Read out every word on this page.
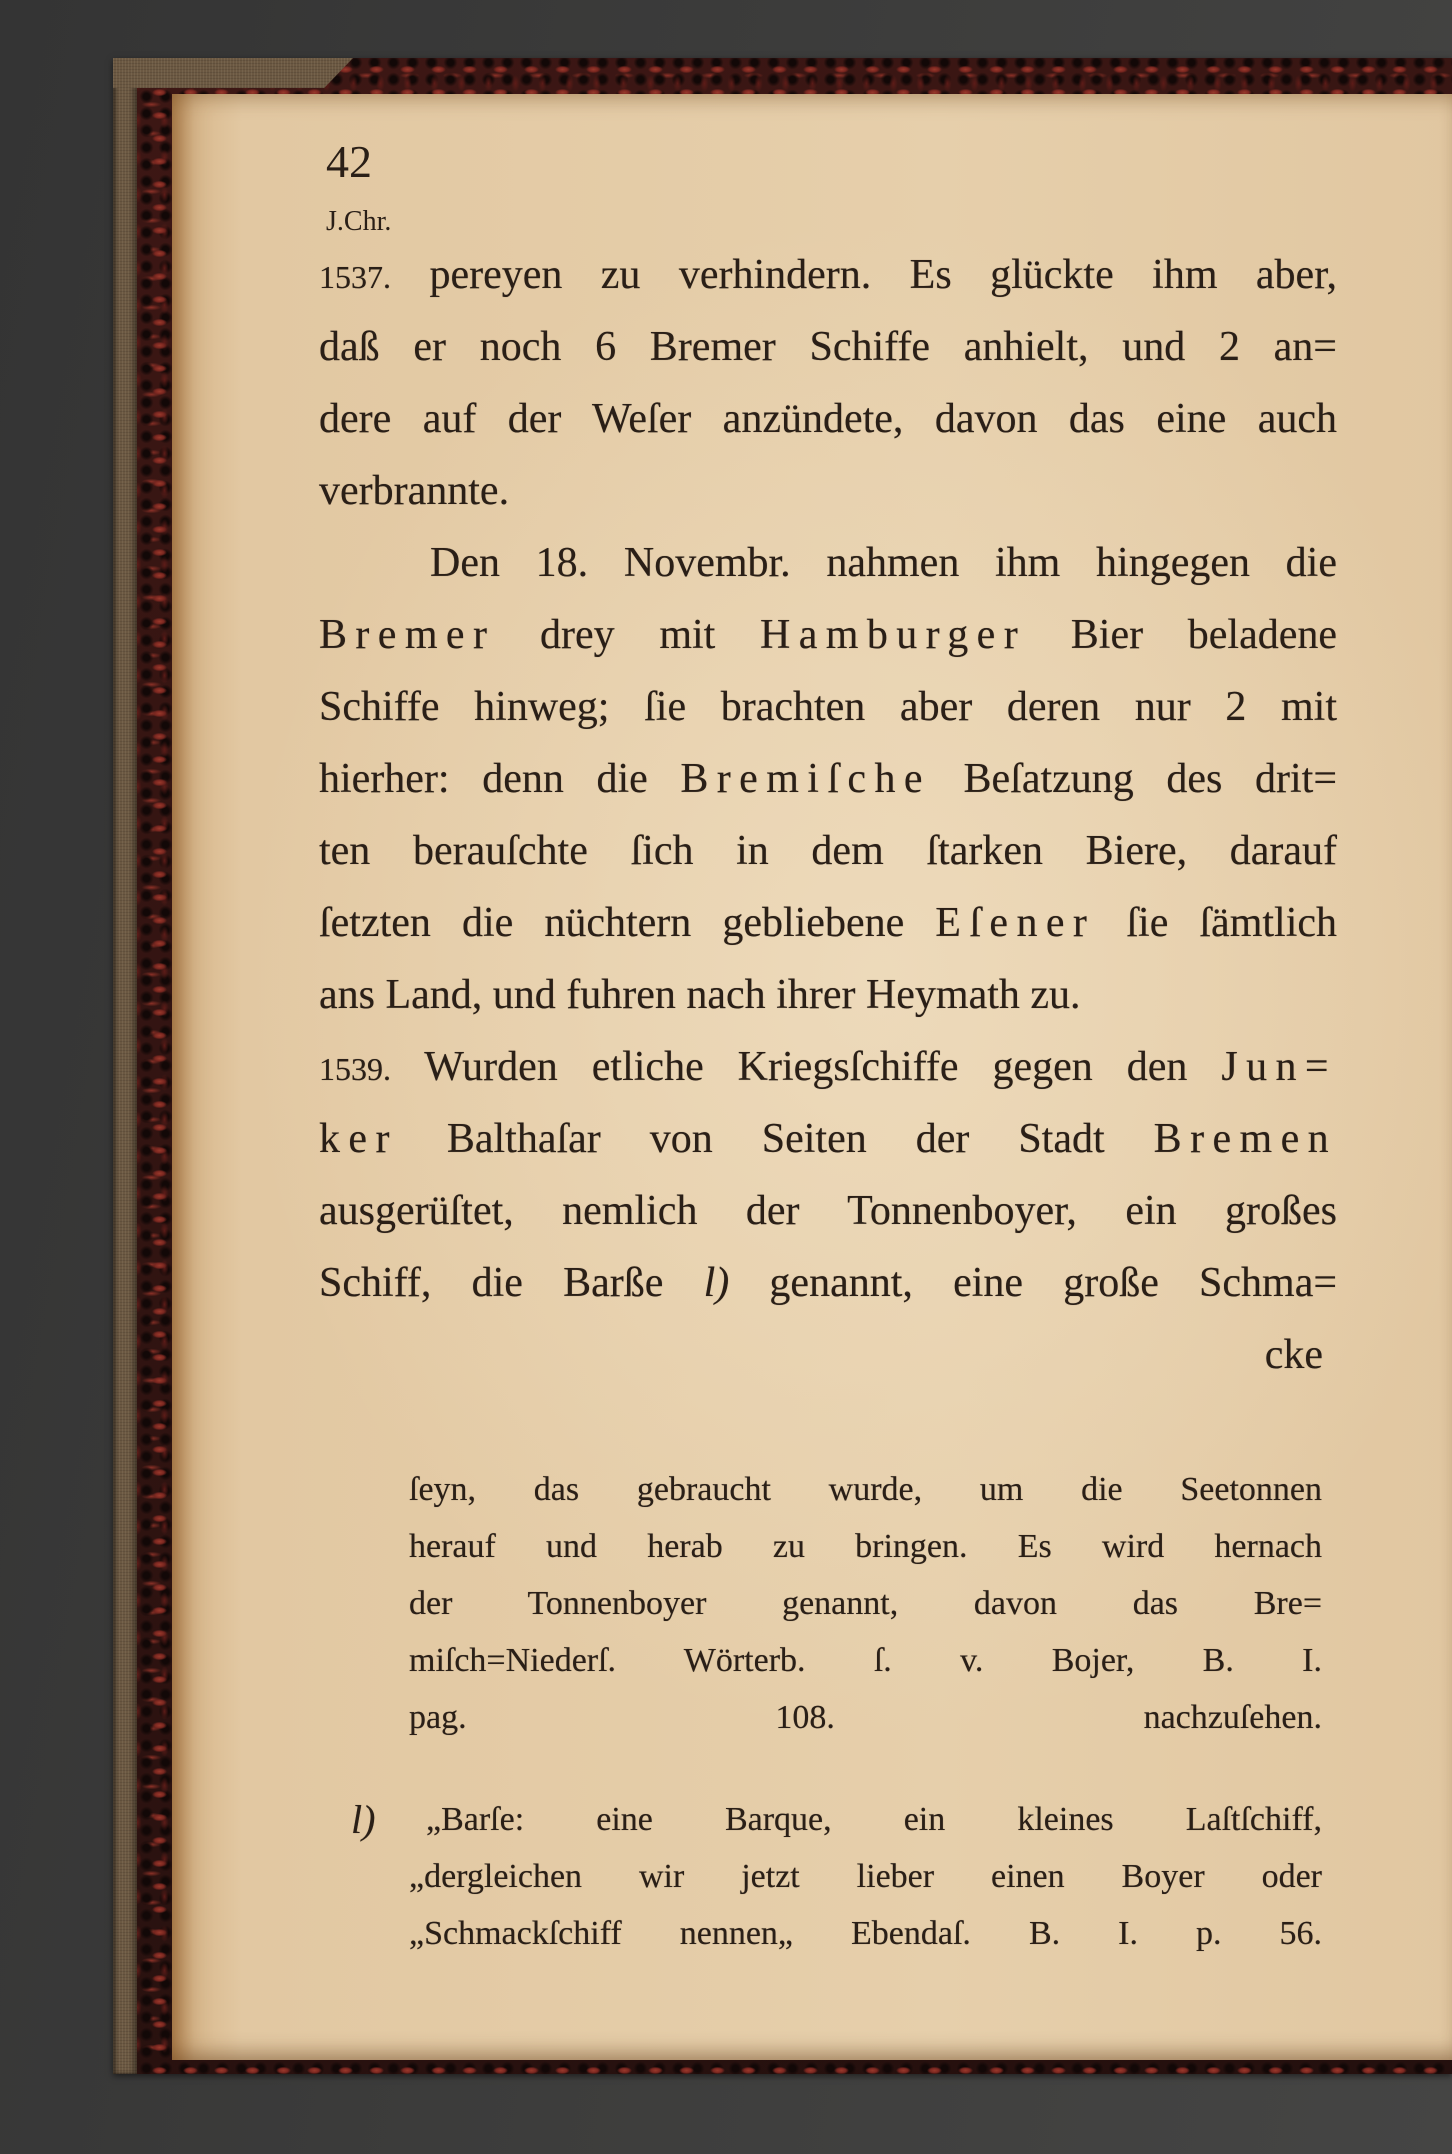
42
J.Chr.
1537. pereyen zu verhindern. Es glückte ihm aber,
daß er noch 6 Bremer Schiffe anhielt, und 2 an=
dere auf der Weſer anzündete, davon das eine auch
verbrannte.
Den 18. Novembr. nahmen ihm hingegen die
Bremer drey mit Hamburger Bier beladene
Schiffe hinweg; ſie brachten aber deren nur 2 mit
hierher: denn die Bremiſche Beſatzung des drit=
ten berauſchte ſich in dem ſtarken Biere, darauf
ſetzten die nüchtern gebliebene Eſener ſie ſämtlich
ans Land, und fuhren nach ihrer Heymath zu.
1539. Wurden etliche Kriegsſchiffe gegen den Jun=
ker Balthaſar von Seiten der Stadt Bremen
ausgerüſtet, nemlich der Tonnenboyer, ein großes
Schiff, die Barße l) genannt, eine große Schma=
cke
ſeyn, das gebraucht wurde, um die Seetonnen
herauf und herab zu bringen. Es wird hernach
der Tonnenboyer genannt, davon das Bre=
miſch=Niederſ. Wörterb. ſ. v. Bojer, B. I.
pag. 108. nachzuſehen.
l)	„Barſe: eine Barque, ein kleines Laſtſchiff,
„dergleichen wir jetzt lieber einen Boyer oder
„Schmackſchiff nennen„ Ebendaſ. B. I. p. 56.
